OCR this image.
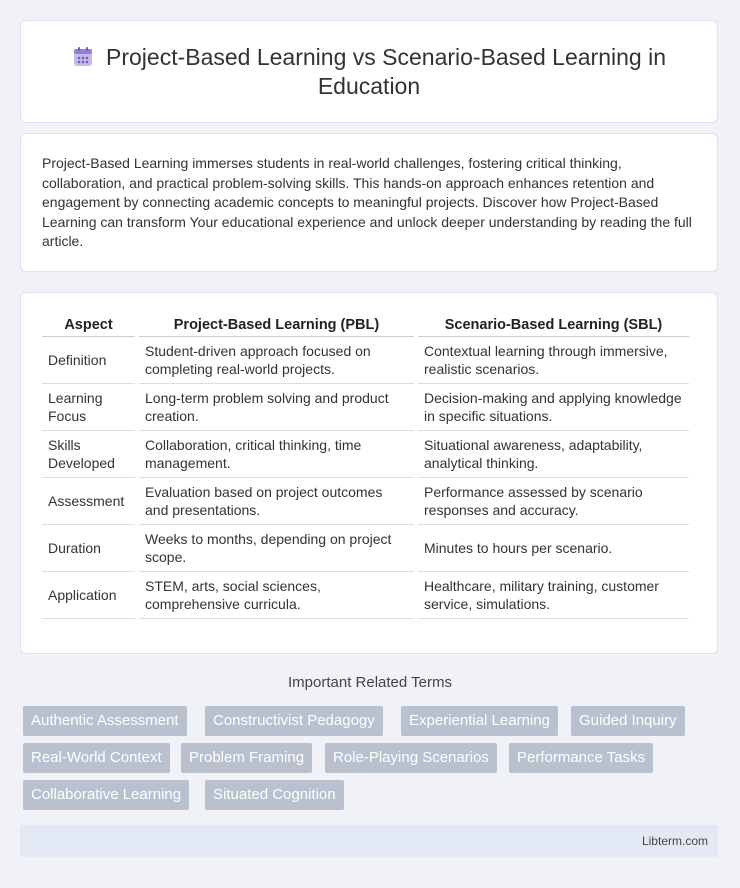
Project-Based Learning vs Scenario-Based Learning in
Education

Project-Based Learning immerses students in real-world challenges, fostering critical thinking, collaboration, and practical problem-solving skills. This hands-on approach enhances retention and engagement by connecting academic concepts to meaningful projects. Discover how Project-Based Learning can transform Your educational experience and unlock deeper understanding by reading the full article.

Aspect	Project-Based Learning (PBL)	Scenario-Based Learning (SBL)
Definition	Student-driven approach focused on completing real-world projects.	Contextual learning through immersive, realistic scenarios.
Learning Focus	Long-term problem solving and product creation.	Decision-making and applying knowledge in specific situations.
Skills Developed	Collaboration, critical thinking, time management.	Situational awareness, adaptability, analytical thinking.
Assessment	Evaluation based on project outcomes and presentations.	Performance assessed by scenario responses and accuracy.
Duration	Weeks to months, depending on project scope.	Minutes to hours per scenario.
Application	STEM, arts, social sciences, comprehensive curricula.	Healthcare, military training, customer service, simulations.
Important Related Terms
Authentic Assessment	Constructivist Pedagogy	Experiential Learning	Guided Inquiry
Real-World Context	Problem Framing	Role-Playing Scenarios	Performance Tasks
Collaborative Learning	Situated Cognition
Libterm.com
